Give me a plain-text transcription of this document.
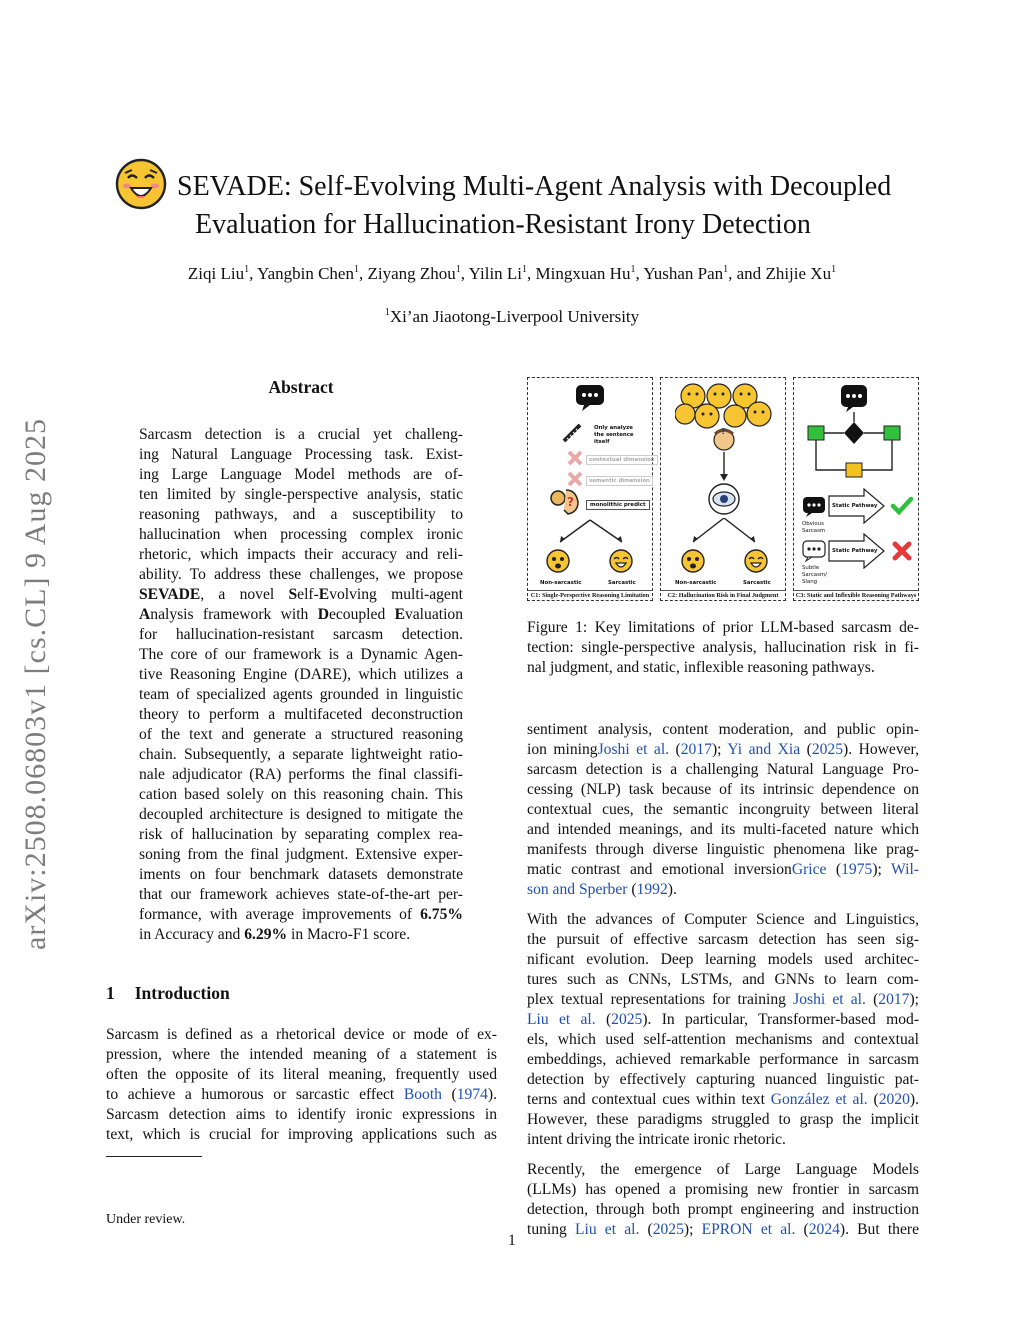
SEVADE: Self-Evolving Multi-Agent Analysis with Decoupled
Evaluation for Hallucination-Resistant Irony Detection
Ziqi Liu$^1$, Yangbin Chen$^1$, Ziyang Zhou$^1$, Yilin Li$^1$, Mingxuan Hu$^1$, Yushan Pan$^1$, and Zhijie Xu$^1$
$^1$Xi’an Jiaotong-Liverpool University
arXiv:2508.06803v1 [cs.CL] 9 Aug 2025
Abstract
Sarcasm detection is a crucial yet challeng-
ing Natural Language Processing task. Exist-
ing Large Language Model methods are of-
ten limited by single-perspective analysis, static
reasoning pathways, and a susceptibility to
hallucination when processing complex ironic
rhetoric, which impacts their accuracy and reli-
ability. To address these challenges, we propose
SEVADE, a novel Self-Evolving multi-agent
Analysis framework with Decoupled Evaluation
for hallucination-resistant sarcasm detection.
The core of our framework is a Dynamic Agen-
tive Reasoning Engine (DARE), which utilizes a
team of specialized agents grounded in linguistic
theory to perform a multifaceted deconstruction
of the text and generate a structured reasoning
chain. Subsequently, a separate lightweight ratio-
nale adjudicator (RA) performs the final classifi-
cation based solely on this reasoning chain. This
decoupled architecture is designed to mitigate the
risk of hallucination by separating complex rea-
soning from the final judgment. Extensive exper-
iments on four benchmark datasets demonstrate
that our framework achieves state-of-the-art per-
formance, with average improvements of 6.75%
in Accuracy and 6.29% in Macro-F1 score.
1 Introduction
Sarcasm is defined as a rhetorical device or mode of ex-
pression, where the intended meaning of a statement is
often the opposite of its literal meaning, frequently used
to achieve a humorous or sarcastic effect Booth (1974).
Sarcasm detection aims to identify ironic expressions in
text, which is crucial for improving applications such as
Under review.
1
Only analyze the sentence itself
contextual dimension
semantic dimension
?	monolithic predict
Non-sarcastic	Sarcastic
C1: Single-Perspective Reasoning Limitation
?
Non-sarcastic	Sarcastic
C2: Hallucination Risk in Final Judgment
Obvious Sarcasm
Static Pathway
Subtle Sarcasm/ Slang
Static Pathway
C3: Static and Inflexible Reasoning Pathways
Figure 1: Key limitations of prior LLM-based sarcasm de-
tection: single-perspective analysis, hallucination risk in fi-
nal judgment, and static, inflexible reasoning pathways.
sentiment analysis, content moderation, and public opin-
ion miningJoshi et al. (2017); Yi and Xia (2025). However,
sarcasm detection is a challenging Natural Language Pro-
cessing (NLP) task because of its intrinsic dependence on
contextual cues, the semantic incongruity between literal
and intended meanings, and its multi-faceted nature which
manifests through diverse linguistic phenomena like prag-
matic contrast and emotional inversionGrice (1975); Wil-
son and Sperber (1992).
With the advances of Computer Science and Linguistics,
the pursuit of effective sarcasm detection has seen sig-
nificant evolution. Deep learning models used architec-
tures such as CNNs, LSTMs, and GNNs to learn com-
plex textual representations for training Joshi et al. (2017);
Liu et al. (2025). In particular, Transformer-based mod-
els, which used self-attention mechanisms and contextual
embeddings, achieved remarkable performance in sarcasm
detection by effectively capturing nuanced linguistic pat-
terns and contextual cues within text González et al. (2020).
However, these paradigms struggled to grasp the implicit
intent driving the intricate ironic rhetoric.
Recently, the emergence of Large Language Models
(LLMs) has opened a promising new frontier in sarcasm
detection, through both prompt engineering and instruction
tuning Liu et al. (2025); EPRON et al. (2024). But there
